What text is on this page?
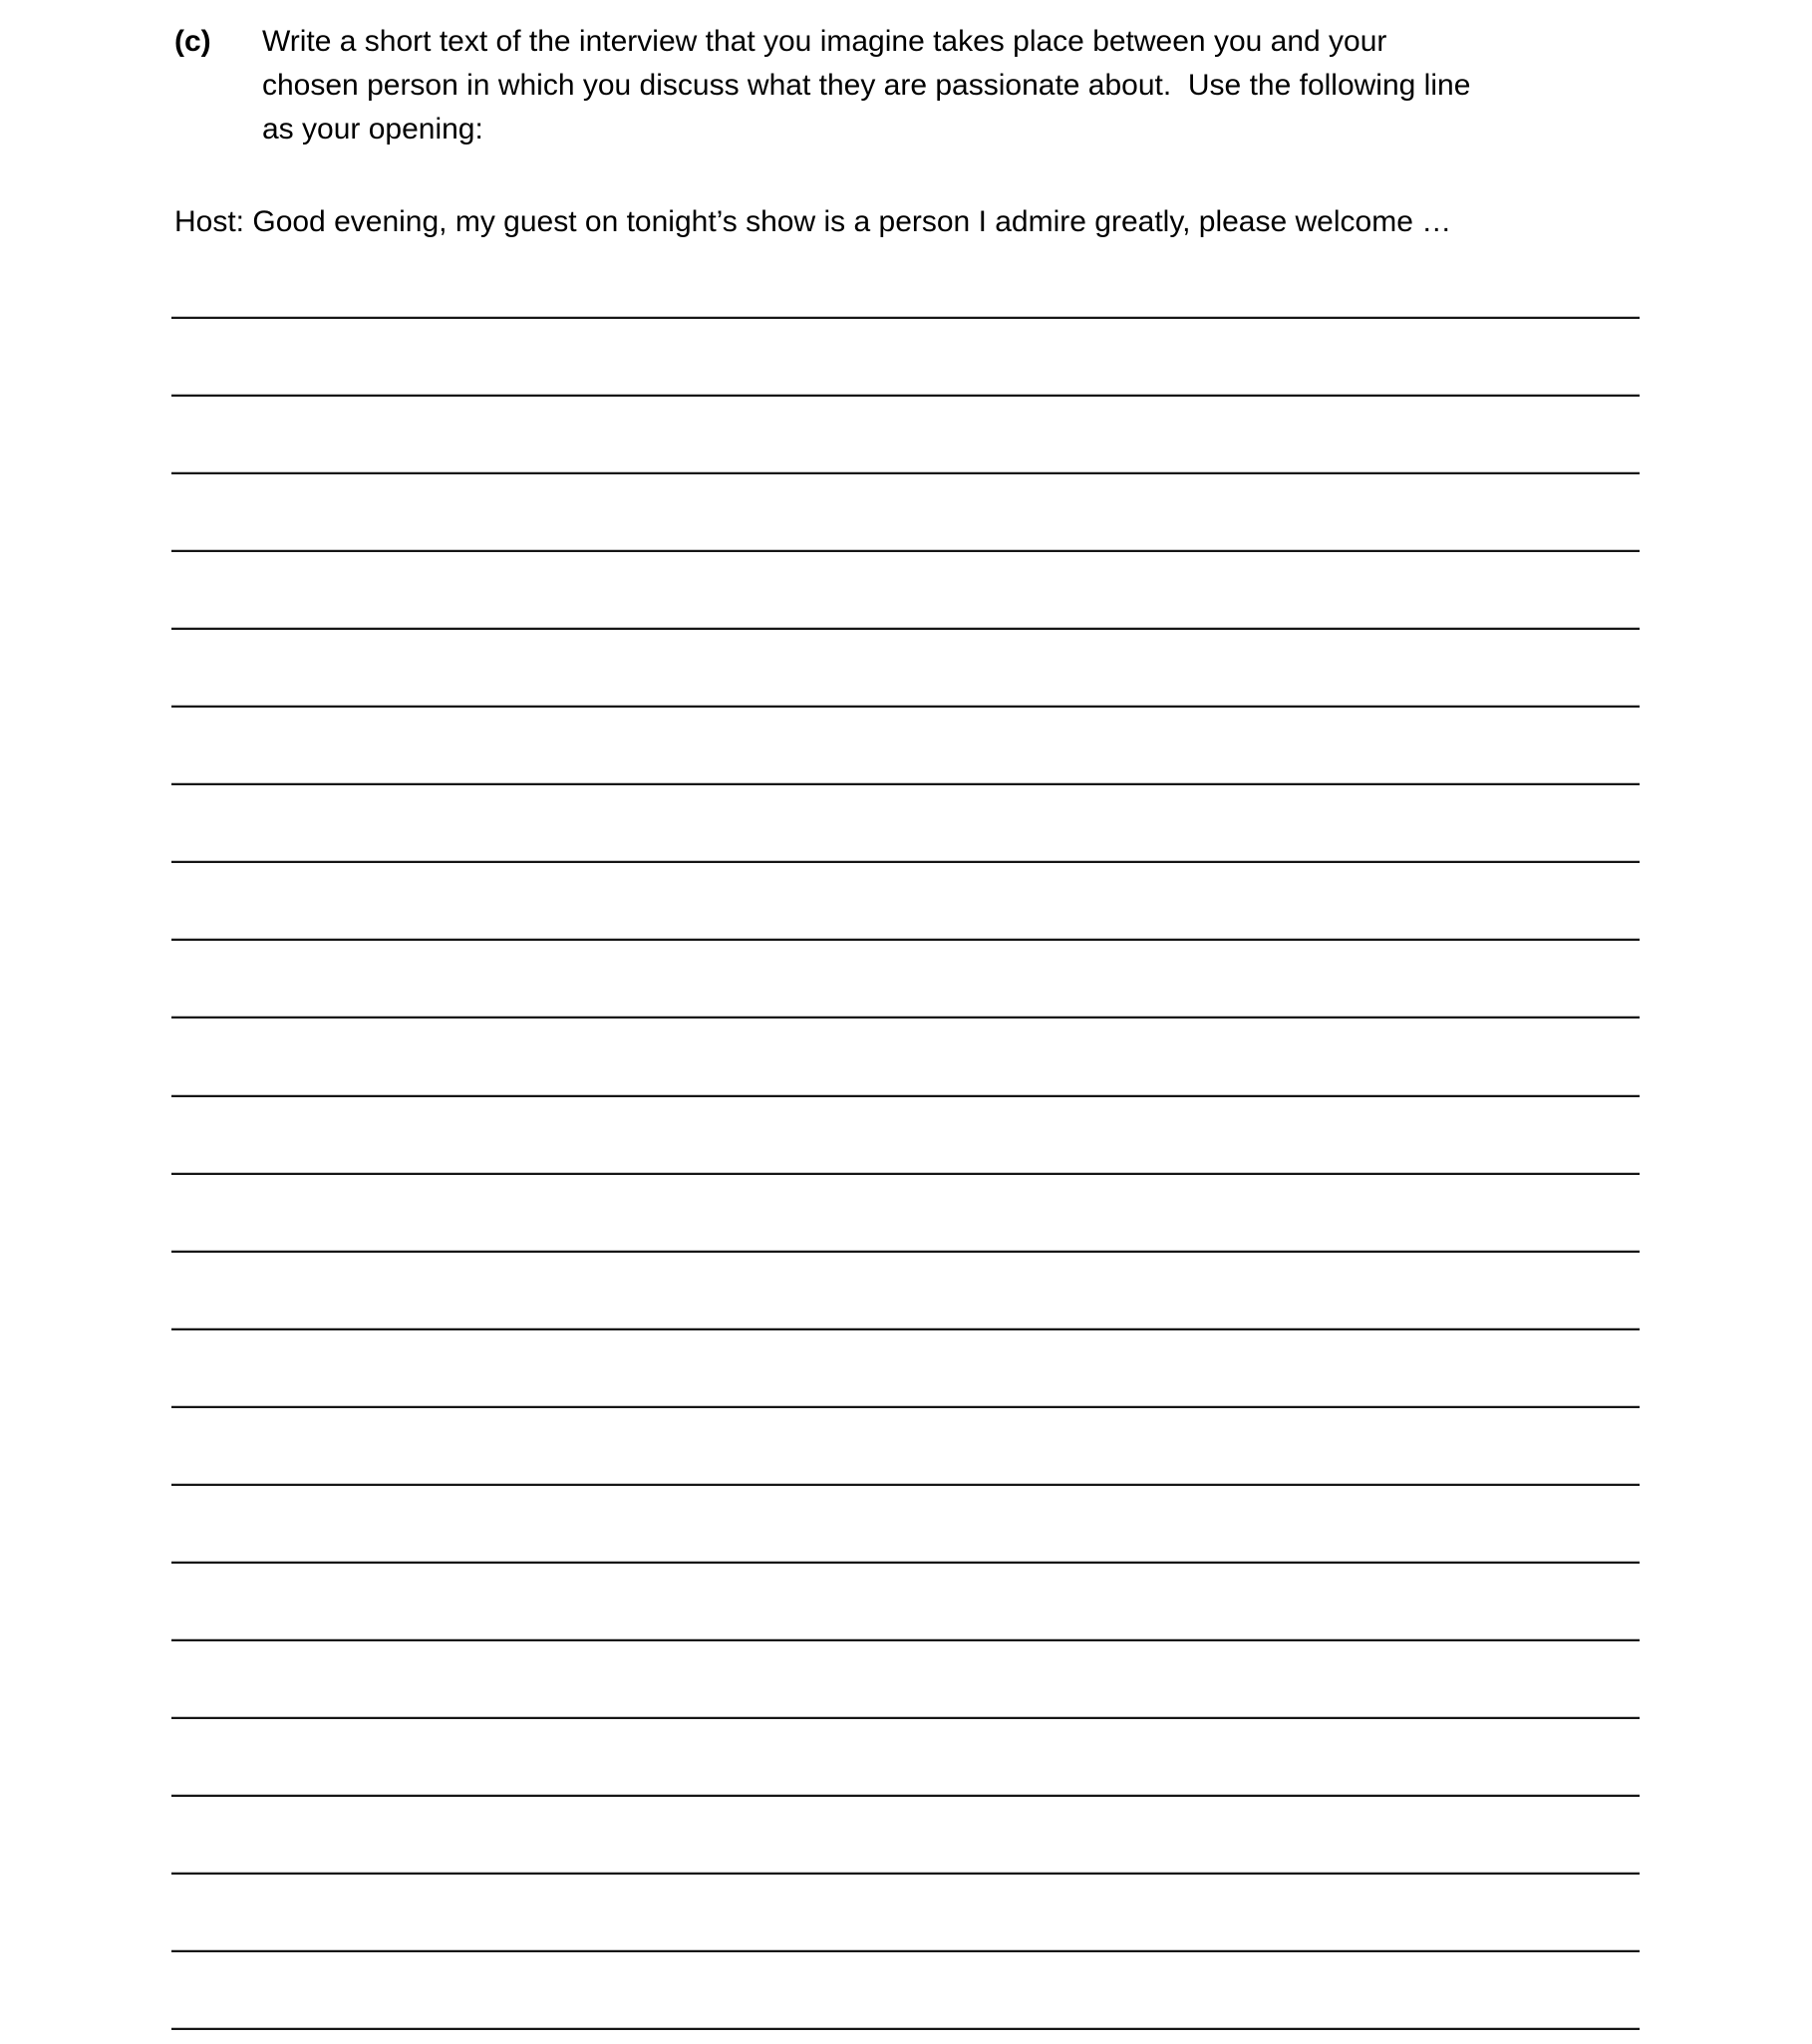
(c) Write a short text of the interview that you imagine takes place between you and your
chosen person in which you discuss what they are passionate about.  Use the following line
as your opening:
Host: Good evening, my guest on tonight’s show is a person I admire greatly, please welcome …
